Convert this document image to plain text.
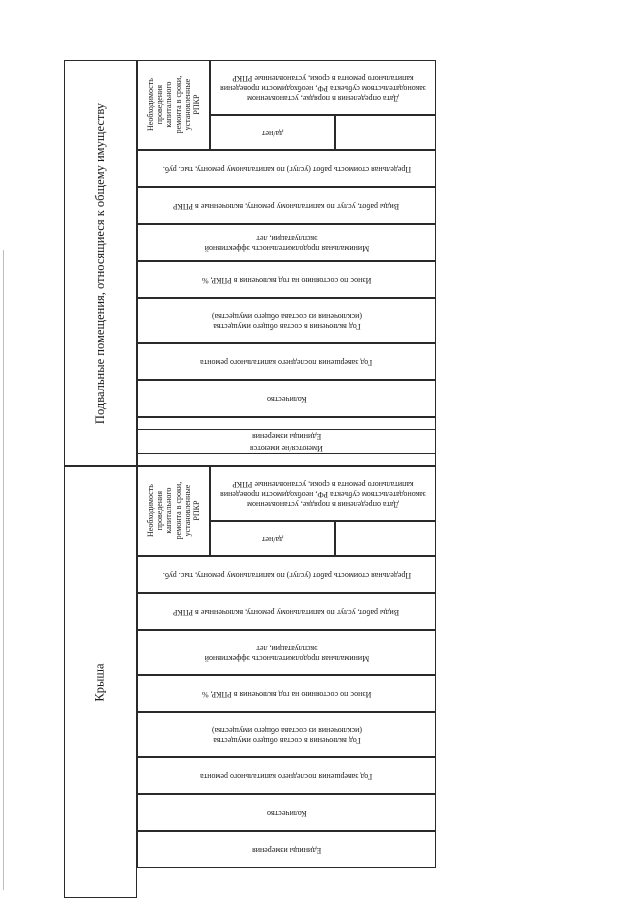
Подвальные помещения, относящиеся к общему имуществу
Крыша
Необходимость проведения капитального ремонта в сроки, установленные РПКР
да/нет
Дата определения в порядке, установленном законодательством субъекта РФ, необходимости проведения капитального ремонта в сроки, установленные РПКР
Предельная стоимость работ (услуг) по капитальному ремонту, тыс. руб.
Виды работ, услуг по капитальному ремонту, включенные в РПКР
Минимальная продолжительность эффективной эксплуатации, лет
Износ по состоянию на год включения в РПКР, %
Год включения в состав общего имущества (исключения из состава общего имущества)
Год завершения последнего капитального ремонта
Количество
Единицы измерения
Имеются/не имеются
Необходимость проведения капитального ремонта в сроки, установленные РПКР	Дата определения в порядке, установленном законодательством субъекта РФ, необходимости проведения капитального ремонта в сроки, установленные РПКР
да/нет
Предельная стоимость работ (услуг) по капитальному ремонту, тыс. руб.
Виды работ, услуг по капитальному ремонту, включенные в РПКР
Минимальная продолжительность эффективной эксплуатации, лет
Износ по состоянию на год включения в РПКР, %
Год включения в состав общего имущества (исключения из состава общего имущества)
Год завершения последнего капитального ремонта
Количество
Единицы измерения
